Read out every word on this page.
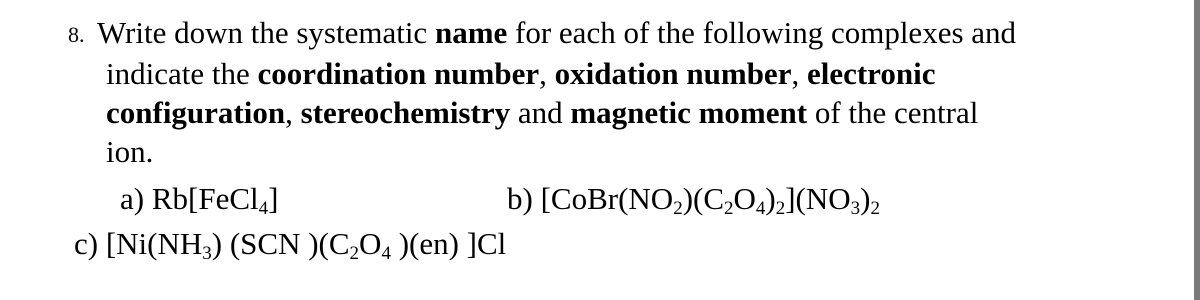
8. Write down the systematic name for each of the following complexes and
indicate the coordination number, oxidation number, electronic
configuration, stereochemistry and magnetic moment of the central
ion.
a) Rb[FeCl$_4$]	b) $[CoBr(NO_2)(C_2O_4)_2](NO_3)_2$
c) [$Ni(NH_3)$ (SCN )($C_2O_4$ )(en) ]Cl
